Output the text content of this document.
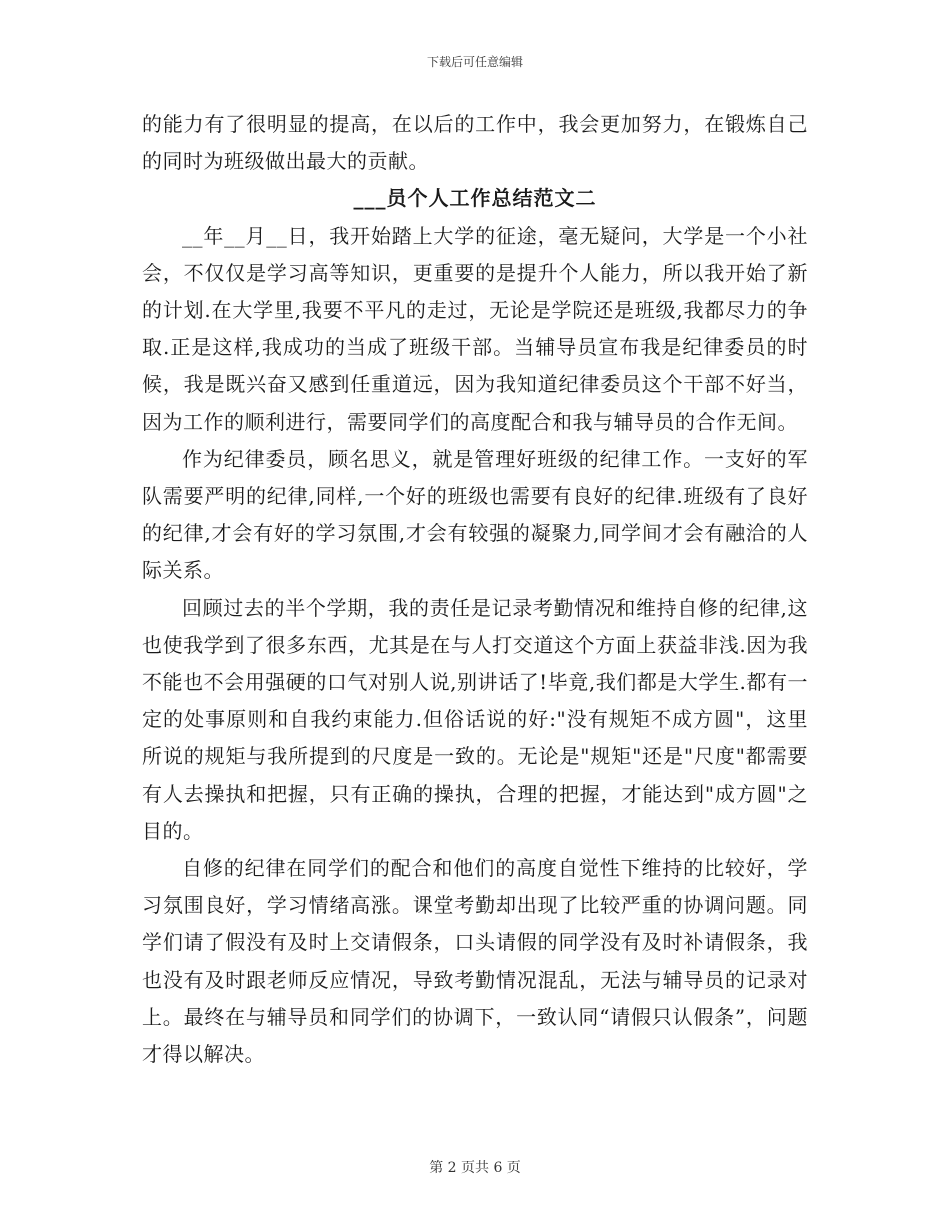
下载后可任意编辑

的能力有了很明显的提高，在以后的工作中，我会更加努力，在锻炼自己的同时为班级做出最大的贡献。

___员个人工作总结范文二

__年__月__日，我开始踏上大学的征途，毫无疑问，大学是一个小社会，不仅仅是学习高等知识，更重要的是提升个人能力，所以我开始了新的计划.在大学里,我要不平凡的走过，无论是学院还是班级,我都尽力的争取.正是这样,我成功的当成了班级干部。当辅导员宣布我是纪律委员的时候，我是既兴奋又感到任重道远，因为我知道纪律委员这个干部不好当，因为工作的顺利进行，需要同学们的高度配合和我与辅导员的合作无间。

作为纪律委员，顾名思义，就是管理好班级的纪律工作。一支好的军队需要严明的纪律,同样,一个好的班级也需要有良好的纪律.班级有了良好的纪律,才会有好的学习氛围,才会有较强的凝聚力,同学间才会有融洽的人际关系。

回顾过去的半个学期，我的责任是记录考勤情况和维持自修的纪律,这也使我学到了很多东西，尤其是在与人打交道这个方面上获益非浅.因为我不能也不会用强硬的口气对别人说,别讲话了!毕竟,我们都是大学生.都有一定的处事原则和自我约束能力.但俗话说的好:"没有规矩不成方圆"，这里所说的规矩与我所提到的尺度是一致的。无论是"规矩"还是"尺度"都需要有人去操执和把握，只有正确的操执，合理的把握，才能达到"成方圆"之目的。

自修的纪律在同学们的配合和他们的高度自觉性下维持的比较好，学习氛围良好，学习情绪高涨。课堂考勤却出现了比较严重的协调问题。同学们请了假没有及时上交请假条，口头请假的同学没有及时补请假条，我也没有及时跟老师反应情况，导致考勤情况混乱，无法与辅导员的记录对上。最终在与辅导员和同学们的协调下，一致认同“请假只认假条”，问题才得以解决。

第 2 页共 6 页
